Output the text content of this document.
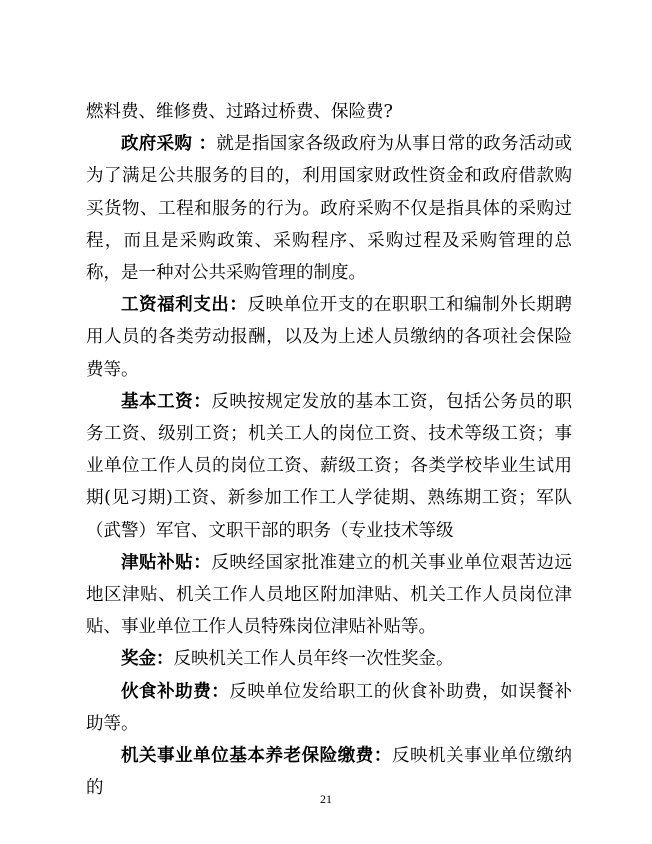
燃料费、维修费、过路过桥费、保险费?

政府采购 ：就是指国家各级政府为从事日常的政务活动或为了满足公共服务的目的，利用国家财政性资金和政府借款购买货物、工程和服务的行为。政府采购不仅是指具体的采购过程，而且是采购政策、采购程序、采购过程及采购管理的总称，是一种对公共采购管理的制度。

工资福利支出：反映单位开支的在职职工和编制外长期聘用人员的各类劳动报酬，以及为上述人员缴纳的各项社会保险费等。

基本工资：反映按规定发放的基本工资，包括公务员的职务工资、级别工资；机关工人的岗位工资、技术等级工资；事业单位工作人员的岗位工资、薪级工资；各类学校毕业生试用期(见习期)工资、新参加工作工人学徒期、熟练期工资；军队（武警）军官、文职干部的职务（专业技术等级

津贴补贴：反映经国家批准建立的机关事业单位艰苦边远地区津贴、机关工作人员地区附加津贴、机关工作人员岗位津贴、事业单位工作人员特殊岗位津贴补贴等。

奖金：反映机关工作人员年终一次性奖金。

伙食补助费：反映单位发给职工的伙食补助费，如误餐补助等。

机关事业单位基本养老保险缴费：反映机关事业单位缴纳的

21
